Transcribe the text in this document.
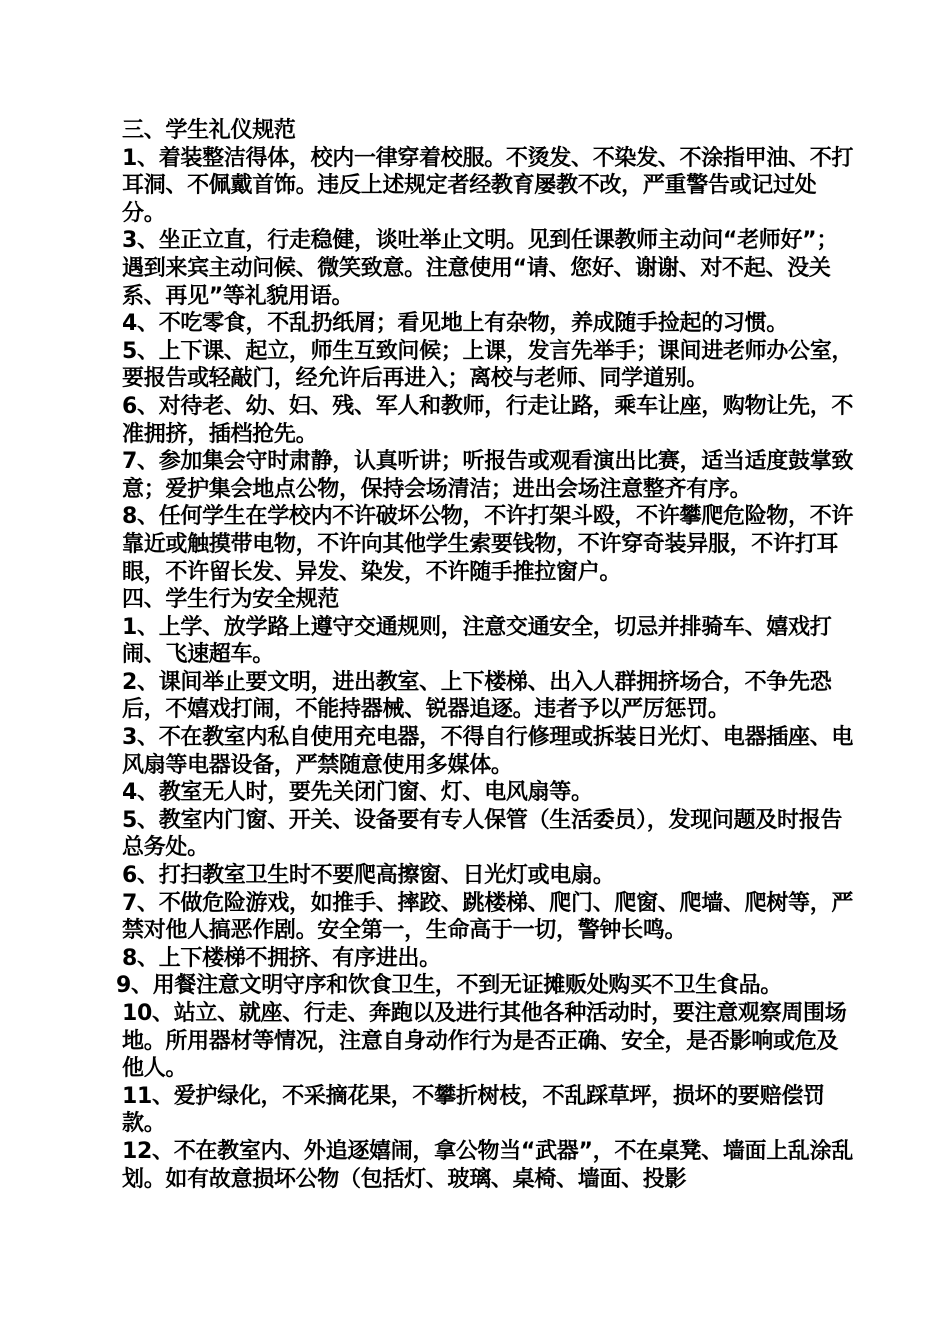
三、学生礼仪规范

1、着装整洁得体，校内一律穿着校服。不烫发、不染发、不涂指甲油、不打耳洞、不佩戴首饰。违反上述规定者经教育屡教不改，严重警告或记过处分。

3、坐正立直，行走稳健，谈吐举止文明。见到任课教师主动问“老师好”；遇到来宾主动问候、微笑致意。注意使用“请、您好、谢谢、对不起、没关系、再见”等礼貌用语。

4、不吃零食，不乱扔纸屑；看见地上有杂物，养成随手捡起的习惯。

5、上下课、起立，师生互致问候；上课，发言先举手；课间进老师办公室，要报告或轻敲门，经允许后再进入；离校与老师、同学道别。

6、对待老、幼、妇、残、军人和教师，行走让路，乘车让座，购物让先，不准拥挤，插档抢先。

7、参加集会守时肃静，认真听讲；听报告或观看演出比赛，适当适度鼓掌致意；爱护集会地点公物，保持会场清洁；进出会场注意整齐有序。

8、任何学生在学校内不许破坏公物，不许打架斗殴，不许攀爬危险物，不许靠近或触摸带电物，不许向其他学生索要钱物，不许穿奇装异服，不许打耳眼，不许留长发、异发、染发，不许随手推拉窗户。

四、学生行为安全规范

1、上学、放学路上遵守交通规则，注意交通安全，切忌并排骑车、嬉戏打闹、飞速超车。

2、课间举止要文明，进出教室、上下楼梯、出入人群拥挤场合，不争先恐后，不嬉戏打闹，不能持器械、锐器追逐。违者予以严厉惩罚。

3、不在教室内私自使用充电器，不得自行修理或拆装日光灯、电器插座、电风扇等电器设备，严禁随意使用多媒体。

4、教室无人时，要先关闭门窗、灯、电风扇等。

5、教室内门窗、开关、设备要有专人保管（生活委员），发现问题及时报告总务处。

6、打扫教室卫生时不要爬高擦窗、日光灯或电扇。

7、不做危险游戏，如推手、摔跤、跳楼梯、爬门、爬窗、爬墙、爬树等，严禁对他人搞恶作剧。安全第一，生命高于一切，警钟长鸣。

8、上下楼梯不拥挤、有序进出。

9、用餐注意文明守序和饮食卫生，不到无证摊贩处购买不卫生食品。

10、站立、就座、行走、奔跑以及进行其他各种活动时，要注意观察周围场地。所用器材等情况，注意自身动作行为是否正确、安全，是否影响或危及他人。

11、爱护绿化，不采摘花果，不攀折树枝，不乱踩草坪，损坏的要赔偿罚款。

12、不在教室内、外追逐嬉闹，拿公物当“武器”，不在桌凳、墙面上乱涂乱划。如有故意损坏公物（包括灯、玻璃、桌椅、墙面、投影
